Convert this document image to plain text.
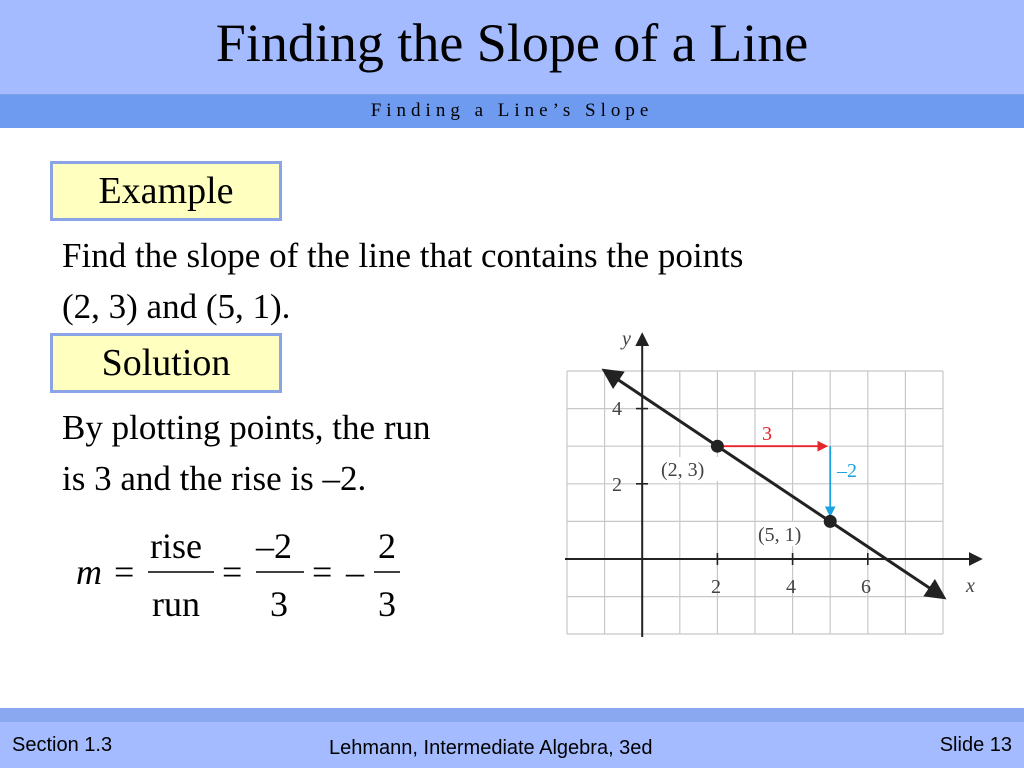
Finding the Slope of a Line
Finding a Line’s Slope
Example
Find the slope of the line that contains the points
(2, 3) and (5, 1).
Solution
By plotting points, the run
is 3 and the rise is –2.
m =
rise
run
=
–2
3
= –
2
3
y
x
4
2
2	4	6
3
–2
(2, 3)
(5, 1)
Section 1.3	Lehmann, Intermediate Algebra, 3ed	Slide 13
